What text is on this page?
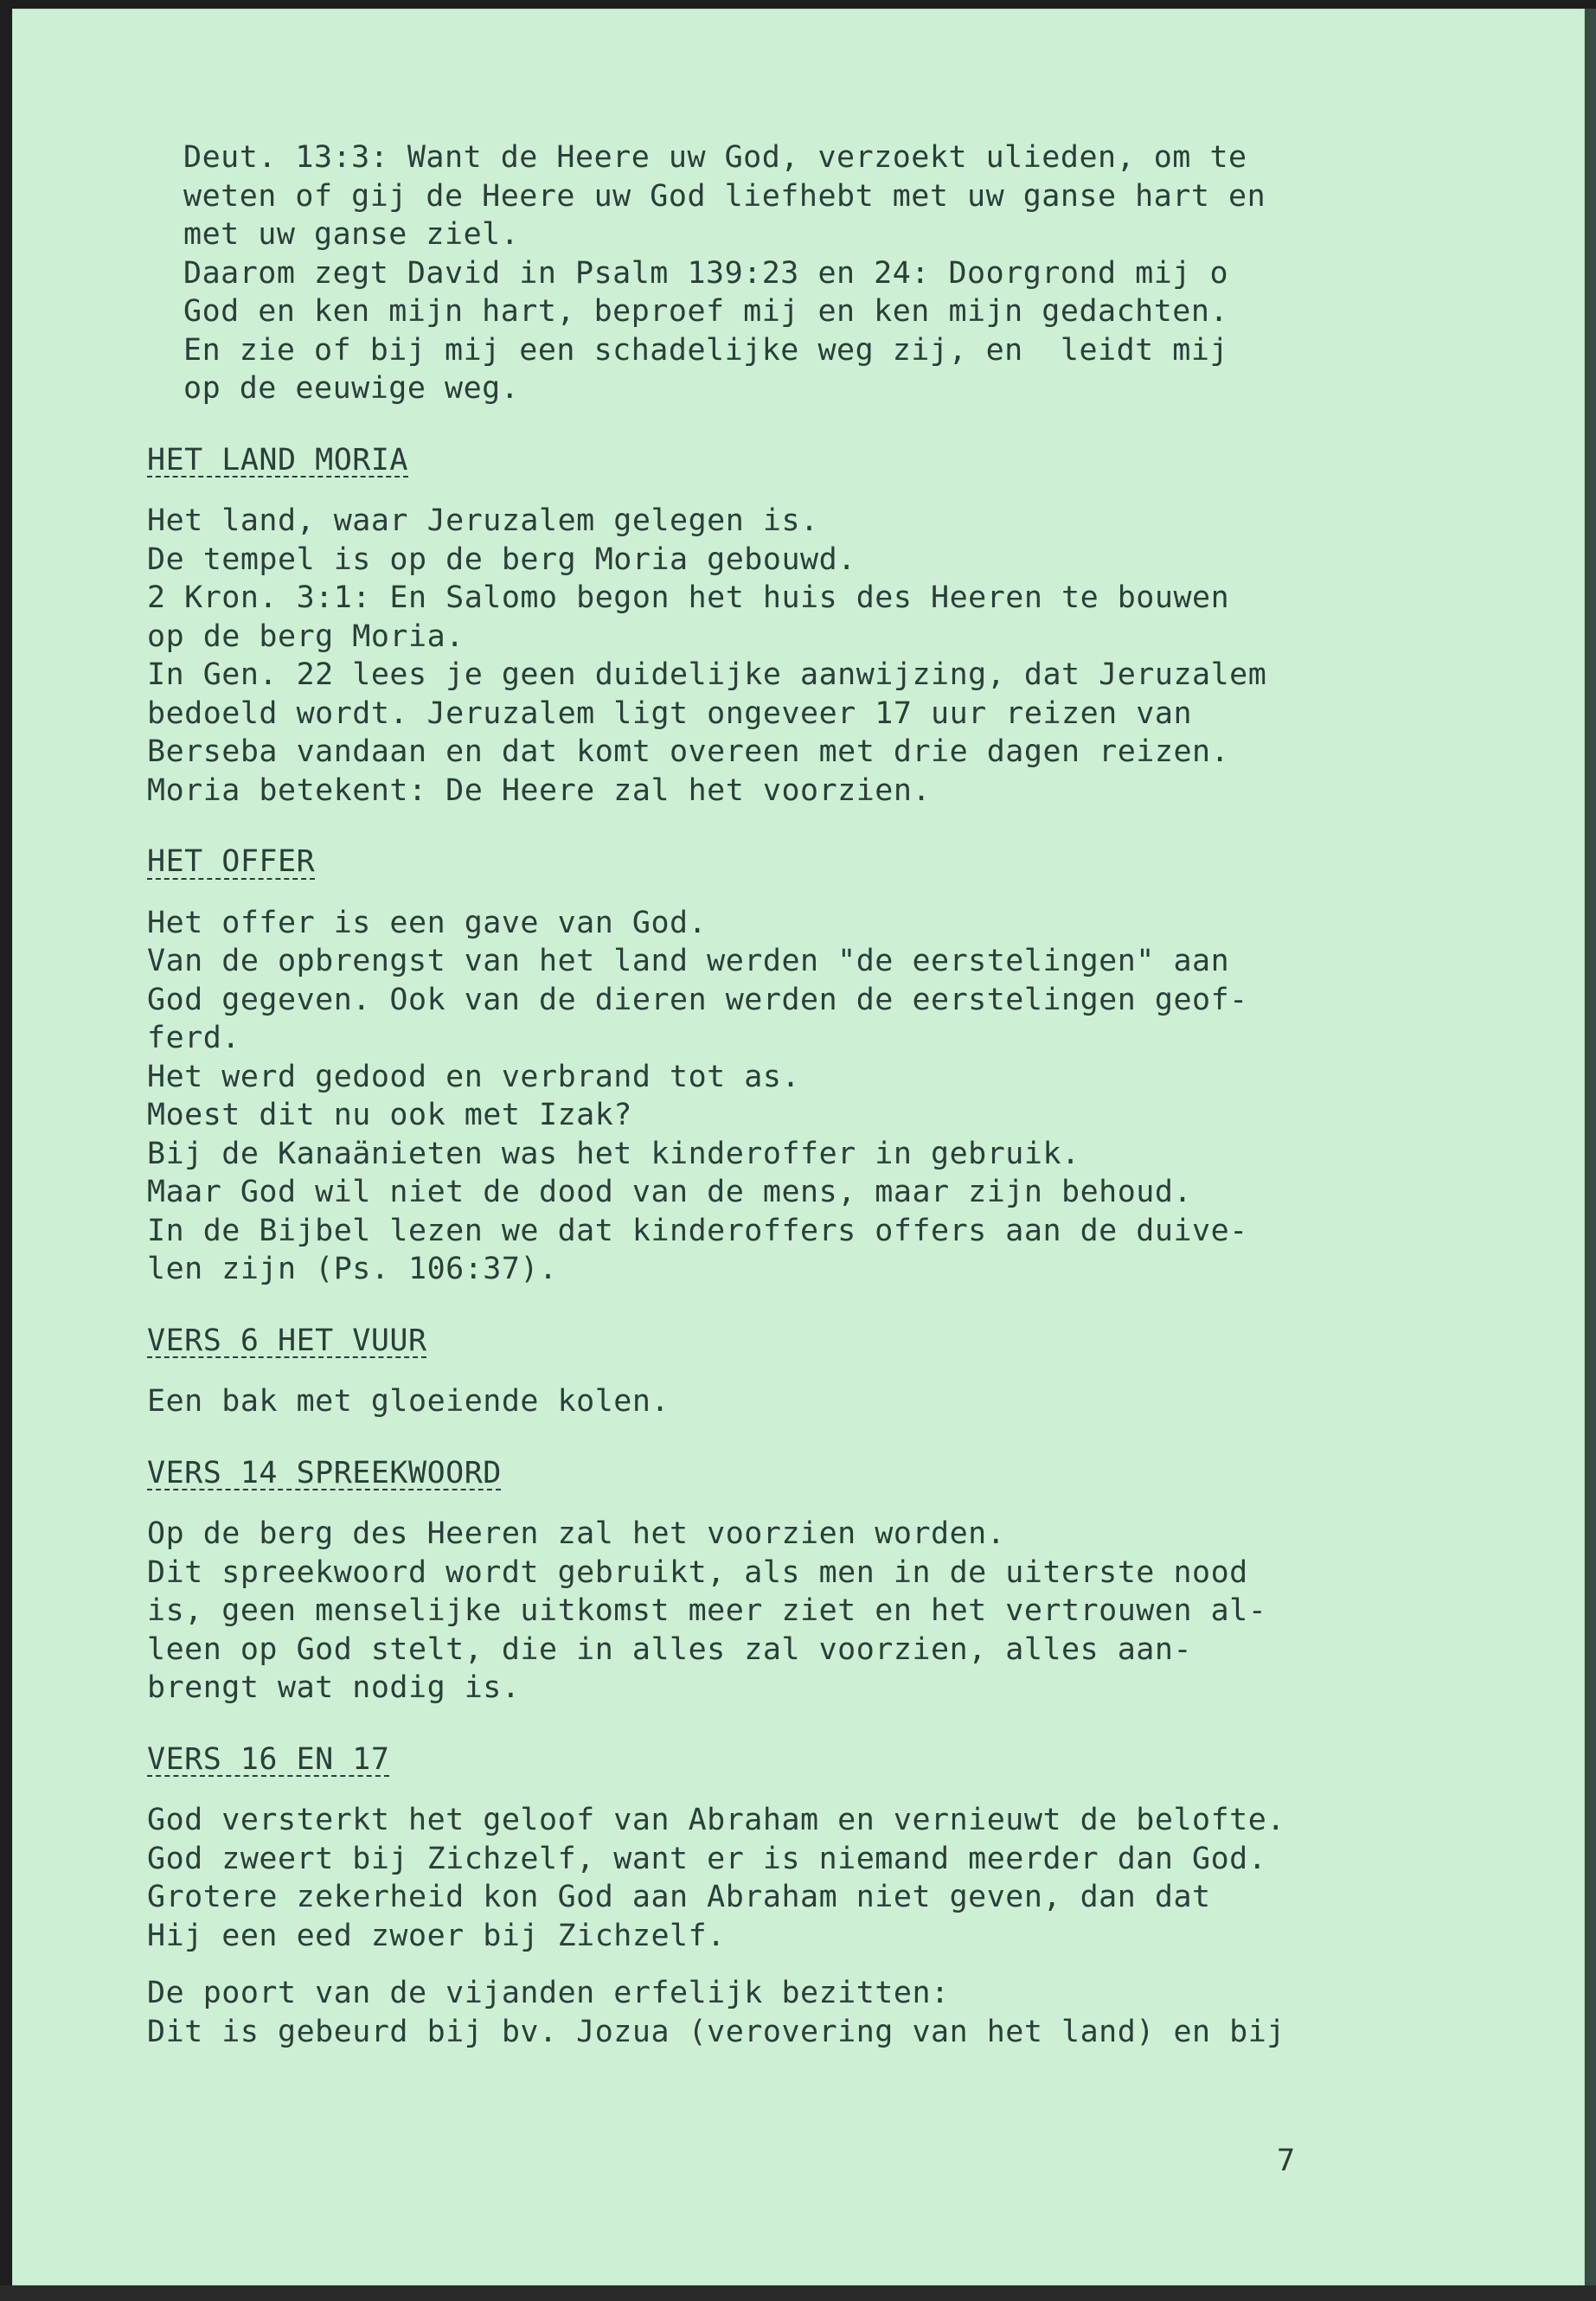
Deut. 13:3: Want de Heere uw God, verzoekt ulieden, om te

weten of gij de Heere uw God liefhebt met uw ganse hart en

met uw ganse ziel.

Daarom zegt David in Psalm 139:23 en 24: Doorgrond mij o

God en ken mijn hart, beproef mij en ken mijn gedachten.

En zie of bij mij een schadelijke weg zij, en  leidt mij

op de eeuwige weg.

HET LAND MORIA

Het land, waar Jeruzalem gelegen is.

De tempel is op de berg Moria gebouwd.

2 Kron. 3:1: En Salomo begon het huis des Heeren te bouwen

op de berg Moria.

In Gen. 22 lees je geen duidelijke aanwijzing, dat Jeruzalem

bedoeld wordt. Jeruzalem ligt ongeveer 17 uur reizen van

Berseba vandaan en dat komt overeen met drie dagen reizen.

Moria betekent: De Heere zal het voorzien.

HET OFFER

Het offer is een gave van God.

Van de opbrengst van het land werden "de eerstelingen" aan

God gegeven. Ook van de dieren werden de eerstelingen geof-

ferd.

Het werd gedood en verbrand tot as.

Moest dit nu ook met Izak?

Bij de Kanaänieten was het kinderoffer in gebruik.

Maar God wil niet de dood van de mens, maar zijn behoud.

In de Bijbel lezen we dat kinderoffers offers aan de duive-

len zijn (Ps. 106:37).

VERS 6 HET VUUR

Een bak met gloeiende kolen.

VERS 14 SPREEKWOORD

Op de berg des Heeren zal het voorzien worden.

Dit spreekwoord wordt gebruikt, als men in de uiterste nood

is, geen menselijke uitkomst meer ziet en het vertrouwen al-

leen op God stelt, die in alles zal voorzien, alles aan-

brengt wat nodig is.

VERS 16 EN 17

God versterkt het geloof van Abraham en vernieuwt de belofte.

God zweert bij Zichzelf, want er is niemand meerder dan God.

Grotere zekerheid kon God aan Abraham niet geven, dan dat

Hij een eed zwoer bij Zichzelf.

De poort van de vijanden erfelijk bezitten:

Dit is gebeurd bij bv. Jozua (verovering van het land) en bij

7
